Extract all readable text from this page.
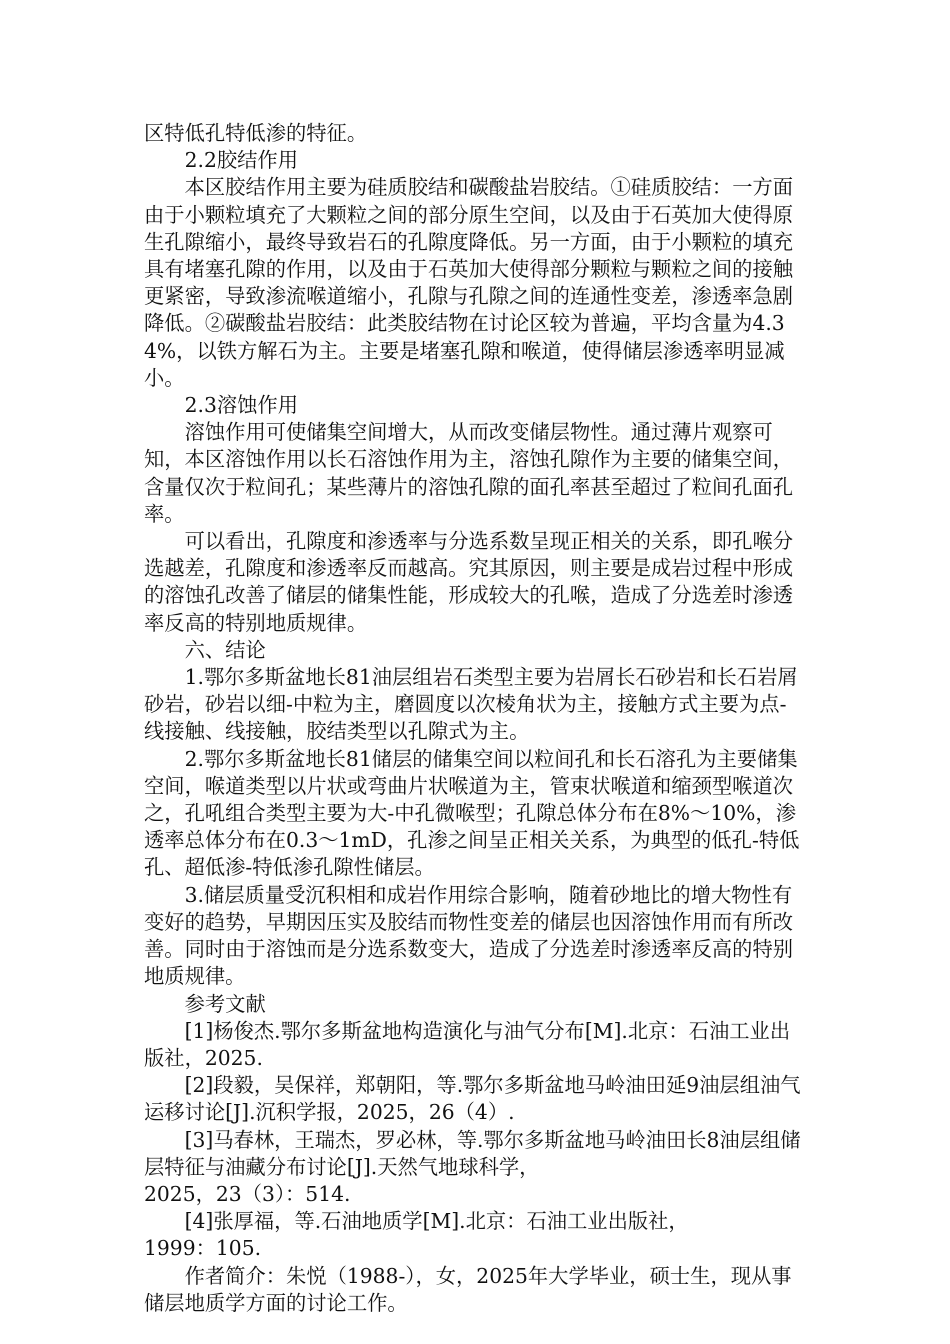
区特低孔特低渗的特征。

2.2胶结作用

本区胶结作用主要为硅质胶结和碳酸盐岩胶结。①硅质胶结：一方面由于小颗粒填充了大颗粒之间的部分原生空间，以及由于石英加大使得原生孔隙缩小，最终导致岩石的孔隙度降低。另一方面，由于小颗粒的填充具有堵塞孔隙的作用，以及由于石英加大使得部分颗粒与颗粒之间的接触更紧密，导致渗流喉道缩小，孔隙与孔隙之间的连通性变差，渗透率急剧降低。②碳酸盐岩胶结：此类胶结物在讨论区较为普遍，平均含量为4.34%，以铁方解石为主。主要是堵塞孔隙和喉道，使得储层渗透率明显减小。

2.3溶蚀作用

溶蚀作用可使储集空间增大，从而改变储层物性。通过薄片观察可知，本区溶蚀作用以长石溶蚀作用为主，溶蚀孔隙作为主要的储集空间，含量仅次于粒间孔；某些薄片的溶蚀孔隙的面孔率甚至超过了粒间孔面孔率。

可以看出，孔隙度和渗透率与分选系数呈现正相关的关系，即孔喉分选越差，孔隙度和渗透率反而越高。究其原因，则主要是成岩过程中形成的溶蚀孔改善了储层的储集性能，形成较大的孔喉，造成了分选差时渗透率反高的特别地质规律。

六、结论

1.鄂尔多斯盆地长81油层组岩石类型主要为岩屑长石砂岩和长石岩屑砂岩，砂岩以细-中粒为主，磨圆度以次棱角状为主，接触方式主要为点-线接触、线接触，胶结类型以孔隙式为主。

2.鄂尔多斯盆地长81储层的储集空间以粒间孔和长石溶孔为主要储集空间，喉道类型以片状或弯曲片状喉道为主，管束状喉道和缩颈型喉道次之，孔吼组合类型主要为大-中孔微喉型；孔隙总体分布在8%～10%，渗透率总体分布在0.3～1mD，孔渗之间呈正相关关系，为典型的低孔-特低孔、超低渗-特低渗孔隙性储层。

3.储层质量受沉积相和成岩作用综合影响，随着砂地比的增大物性有变好的趋势，早期因压实及胶结而物性变差的储层也因溶蚀作用而有所改善。同时由于溶蚀而是分选系数变大，造成了分选差时渗透率反高的特别地质规律。

参考文献

[1]杨俊杰.鄂尔多斯盆地构造演化与油气分布[M].北京：石油工业出版社，2025.

[2]段毅，吴保祥，郑朝阳，等.鄂尔多斯盆地马岭油田延9油层组油气运移讨论[J].沉积学报，2025，26（4）.

[3]马春林，王瑞杰，罗必林，等.鄂尔多斯盆地马岭油田长8油层组储层特征与油藏分布讨论[J].天然气地球科学，
2025，23（3）：514.

[4]张厚福，等.石油地质学[M].北京：石油工业出版社，
1999：105.

作者简介：朱悦（1988-），女，2025年大学毕业，硕士生，现从事储层地质学方面的讨论工作。
